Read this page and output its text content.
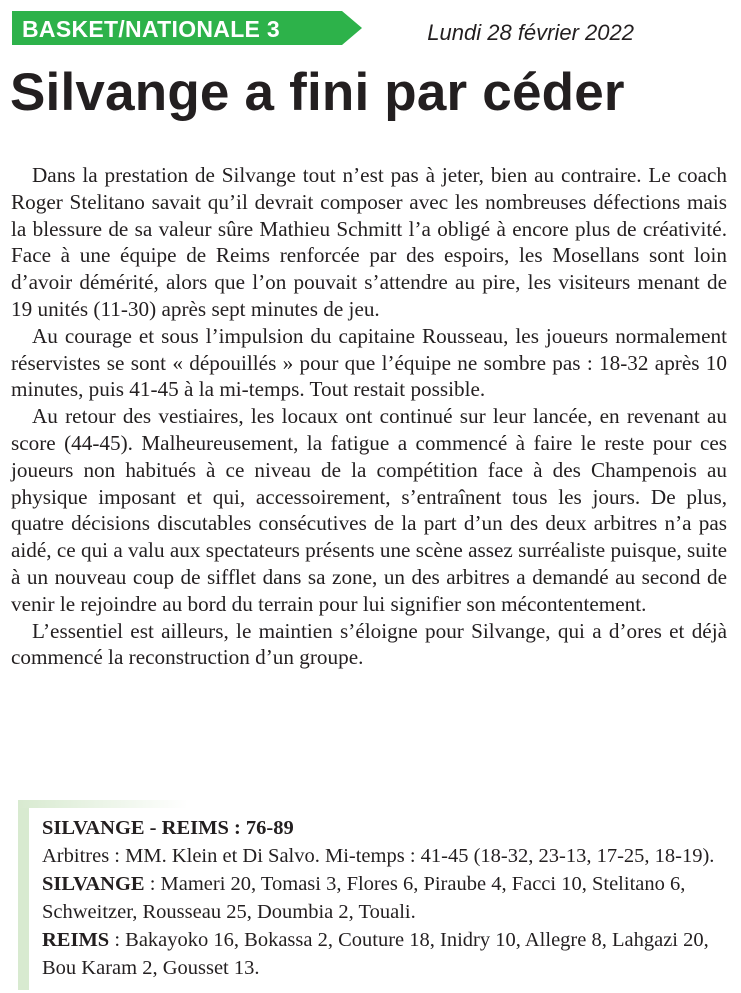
BASKET/NATIONALE 3	Lundi 28 février 2022
Silvange a fini par céder

Dans la prestation de Silvange tout n’est pas à jeter, bien au contraire. Le coach Roger Stelitano savait qu’il devrait composer avec les nombreuses défections mais la blessure de sa valeur sûre Mathieu Schmitt l’a obligé à encore plus de créativité. Face à une équipe de Reims renforcée par des espoirs, les Mosellans sont loin d’avoir démérité, alors que l’on pouvait s’attendre au pire, les visiteurs menant de 19 unités (11-30) après sept minutes de jeu.

Au courage et sous l’impulsion du capitaine Rousseau, les joueurs normalement réservistes se sont « dépouillés » pour que l’équipe ne sombre pas : 18-32 après 10 minutes, puis 41-45 à la mi-temps. Tout restait possible.

Au retour des vestiaires, les locaux ont continué sur leur lancée, en revenant au score (44-45). Malheureusement, la fatigue a commencé à faire le reste pour ces joueurs non habitués à ce niveau de la compétition face à des Champenois au physique imposant et qui, accessoirement, s’entraînent tous les jours. De plus, quatre décisions discutables consécutives de la part d’un des deux arbitres n’a pas aidé, ce qui a valu aux spectateurs présents une scène assez surréaliste puisque, suite à un nouveau coup de sifflet dans sa zone, un des arbitres a demandé au second de venir le rejoindre au bord du terrain pour lui signifier son mécontentement.

L’essentiel est ailleurs, le maintien s’éloigne pour Silvange, qui a d’ores et déjà commencé la reconstruction d’un groupe.

SILVANGE - REIMS : 76-89
Arbitres : MM. Klein et Di Salvo. Mi-temps : 41-45 (18-32, 23-13, 17-25, 18-19).
SILVANGE : Mameri 20, Tomasi 3, Flores 6, Piraube 4, Facci 10, Stelitano 6,
Schweitzer, Rousseau 25, Doumbia 2, Touali.
REIMS : Bakayoko 16, Bokassa 2, Couture 18, Inidry 10, Allegre 8, Lahgazi 20,
Bou Karam 2, Gousset 13.
